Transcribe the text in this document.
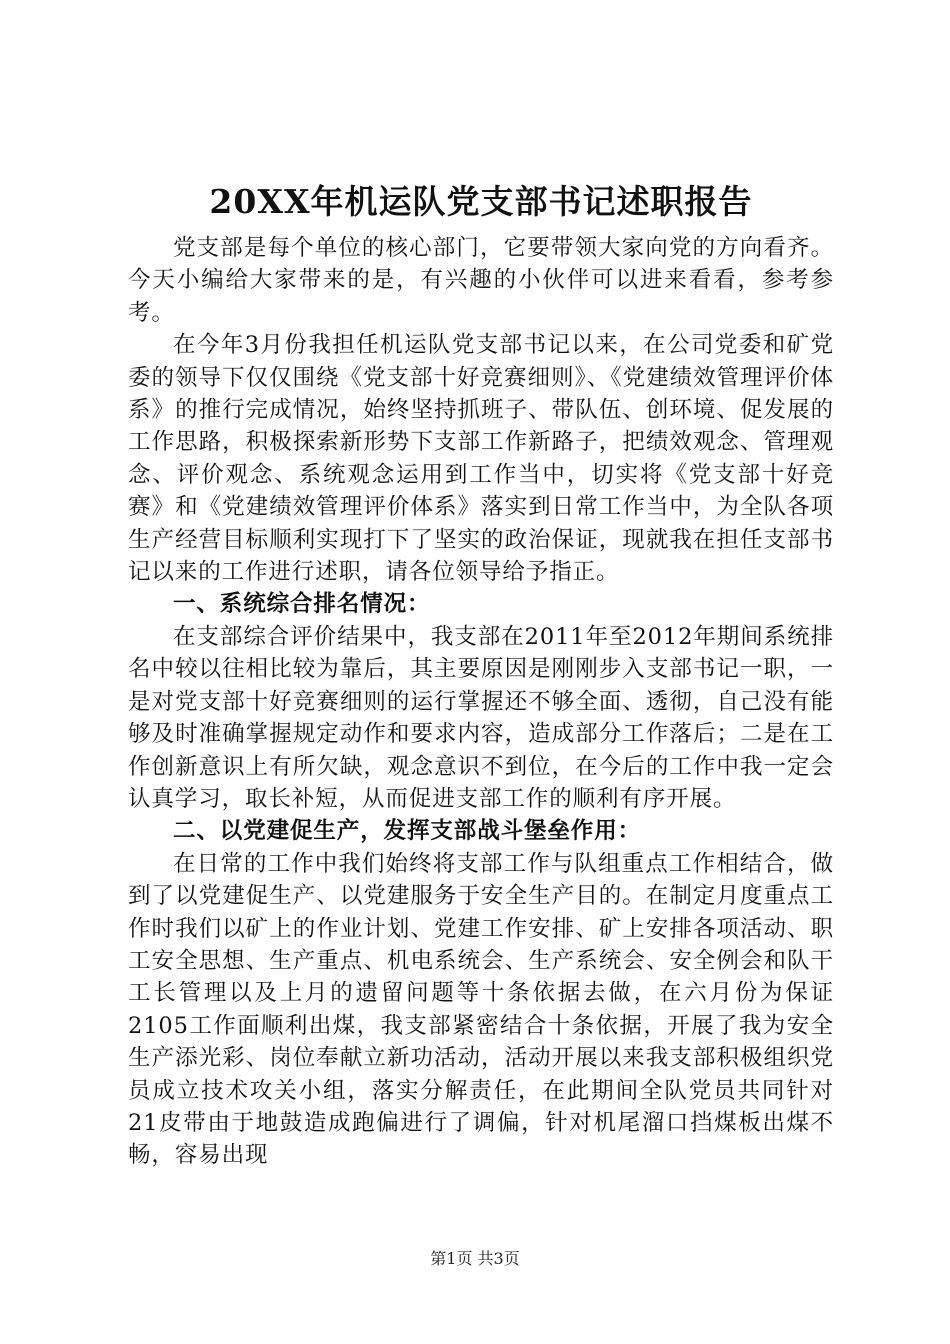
20XX年机运队党支部书记述职报告

党支部是每个单位的核心部门，它要带领大家向党的方向看齐。今天小编给大家带来的是，有兴趣的小伙伴可以进来看看，参考参考。

在今年3月份我担任机运队党支部书记以来，在公司党委和矿党委的领导下仅仅围绕《党支部十好竞赛细则》、《党建绩效管理评价体系》的推行完成情况，始终坚持抓班子、带队伍、创环境、促发展的工作思路，积极探索新形势下支部工作新路子，把绩效观念、管理观念、评价观念、系统观念运用到工作当中，切实将《党支部十好竞赛》和《党建绩效管理评价体系》落实到日常工作当中，为全队各项生产经营目标顺利实现打下了坚实的政治保证，现就我在担任支部书记以来的工作进行述职，请各位领导给予指正。

一、系统综合排名情况：

在支部综合评价结果中，我支部在2011年至2012年期间系统排名中较以往相比较为靠后，其主要原因是刚刚步入支部书记一职，一是对党支部十好竞赛细则的运行掌握还不够全面、透彻，自己没有能够及时准确掌握规定动作和要求内容，造成部分工作落后；二是在工作创新意识上有所欠缺，观念意识不到位，在今后的工作中我一定会认真学习，取长补短，从而促进支部工作的顺利有序开展。

二、以党建促生产，发挥支部战斗堡垒作用：

在日常的工作中我们始终将支部工作与队组重点工作相结合，做到了以党建促生产、以党建服务于安全生产目的。在制定月度重点工作时我们以矿上的作业计划、党建工作安排、矿上安排各项活动、职工安全思想、生产重点、机电系统会、生产系统会、安全例会和队干工长管理以及上月的遗留问题等十条依据去做，在六月份为保证2105工作面顺利出煤，我支部紧密结合十条依据，开展了我为安全生产添光彩、岗位奉献立新功活动，活动开展以来我支部积极组织党员成立技术攻关小组，落实分解责任，在此期间全队党员共同针对21皮带由于地鼓造成跑偏进行了调偏，针对机尾溜口挡煤板出煤不畅，容易出现

第1页 共3页
